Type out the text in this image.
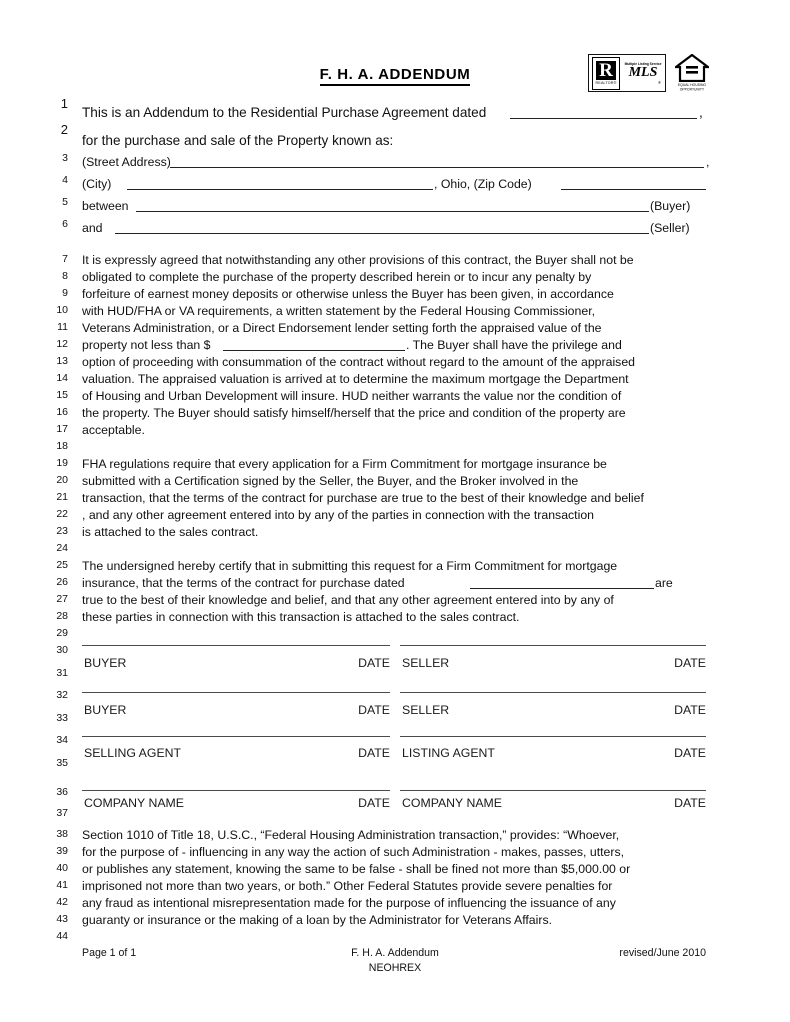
F. H. A. ADDENDUM	R
REALTOR®
Multiple Listing Service
MLS
®
EQUAL HOUSING
OPPORTUNITY
1
2
3
4
5
6
7
8
9
10
11
12
13
14
15
16
17
18
19
20
21
22
23
24
25
26
27
28
29
30
31
32
33
34
35
36
37
38
39
40
41
42
43
44
This is an Addendum to the Residential Purchase Agreement dated	,
for the purchase and sale of the Property known as:
(Street Address)	,
(City)	, Ohio, (Zip Code)
between	(Buyer)
and	(Seller)
It is expressly agreed that notwithstanding any other provisions of this contract, the Buyer shall not be
obligated to complete the purchase of the property described herein or to incur any penalty by
forfeiture of earnest money deposits or otherwise unless the Buyer has been given, in accordance
with HUD/FHA or VA requirements, a written statement by the Federal Housing Commissioner,
Veterans Administration, or a Direct Endorsement lender setting forth the appraised value of the
property not less than $	. The Buyer shall have the privilege and
option of proceeding with consummation of the contract without regard to the amount of the appraised
valuation. The appraised valuation is arrived at to determine the maximum mortgage the Department
of Housing and Urban Development will insure. HUD neither warrants the value nor the condition of
the property. The Buyer should satisfy himself/herself that the price and condition of the property are
acceptable.
FHA regulations require that every application for a Firm Commitment for mortgage insurance be
submitted with a Certification signed by the Seller, the Buyer, and the Broker involved in the
transaction, that the terms of the contract for purchase are true to the best of their knowledge and belief
, and any other agreement entered into by any of the parties in connection with the transaction
is attached to the sales contract.
The undersigned hereby certify that in submitting this request for a Firm Commitment for mortgage
insurance, that the terms of the contract for purchase dated	are
true to the best of their knowledge and belief, and that any other agreement entered into by any of
these parties in connection with this transaction is attached to the sales contract.
BUYER	DATE SELLER	DATE
BUYER	DATE SELLER	DATE
SELLING AGENT	DATE LISTING AGENT	DATE
COMPANY NAME	DATE COMPANY NAME	DATE
Section 1010 of Title 18, U.S.C., “Federal Housing Administration transaction,” provides: “Whoever,
for the purpose of - influencing in any way the action of such Administration - makes, passes, utters,
or publishes any statement, knowing the same to be false - shall be fined not more than $5,000.00 or
imprisoned not more than two years, or both.” Other Federal Statutes provide severe penalties for
any fraud as intentional misrepresentation made for the purpose of influencing the issuance of any
guaranty or insurance or the making of a loan by the Administrator for Veterans Affairs.
Page 1 of 1	F. H. A. Addendum
NEOHREX
revised/June 2010
